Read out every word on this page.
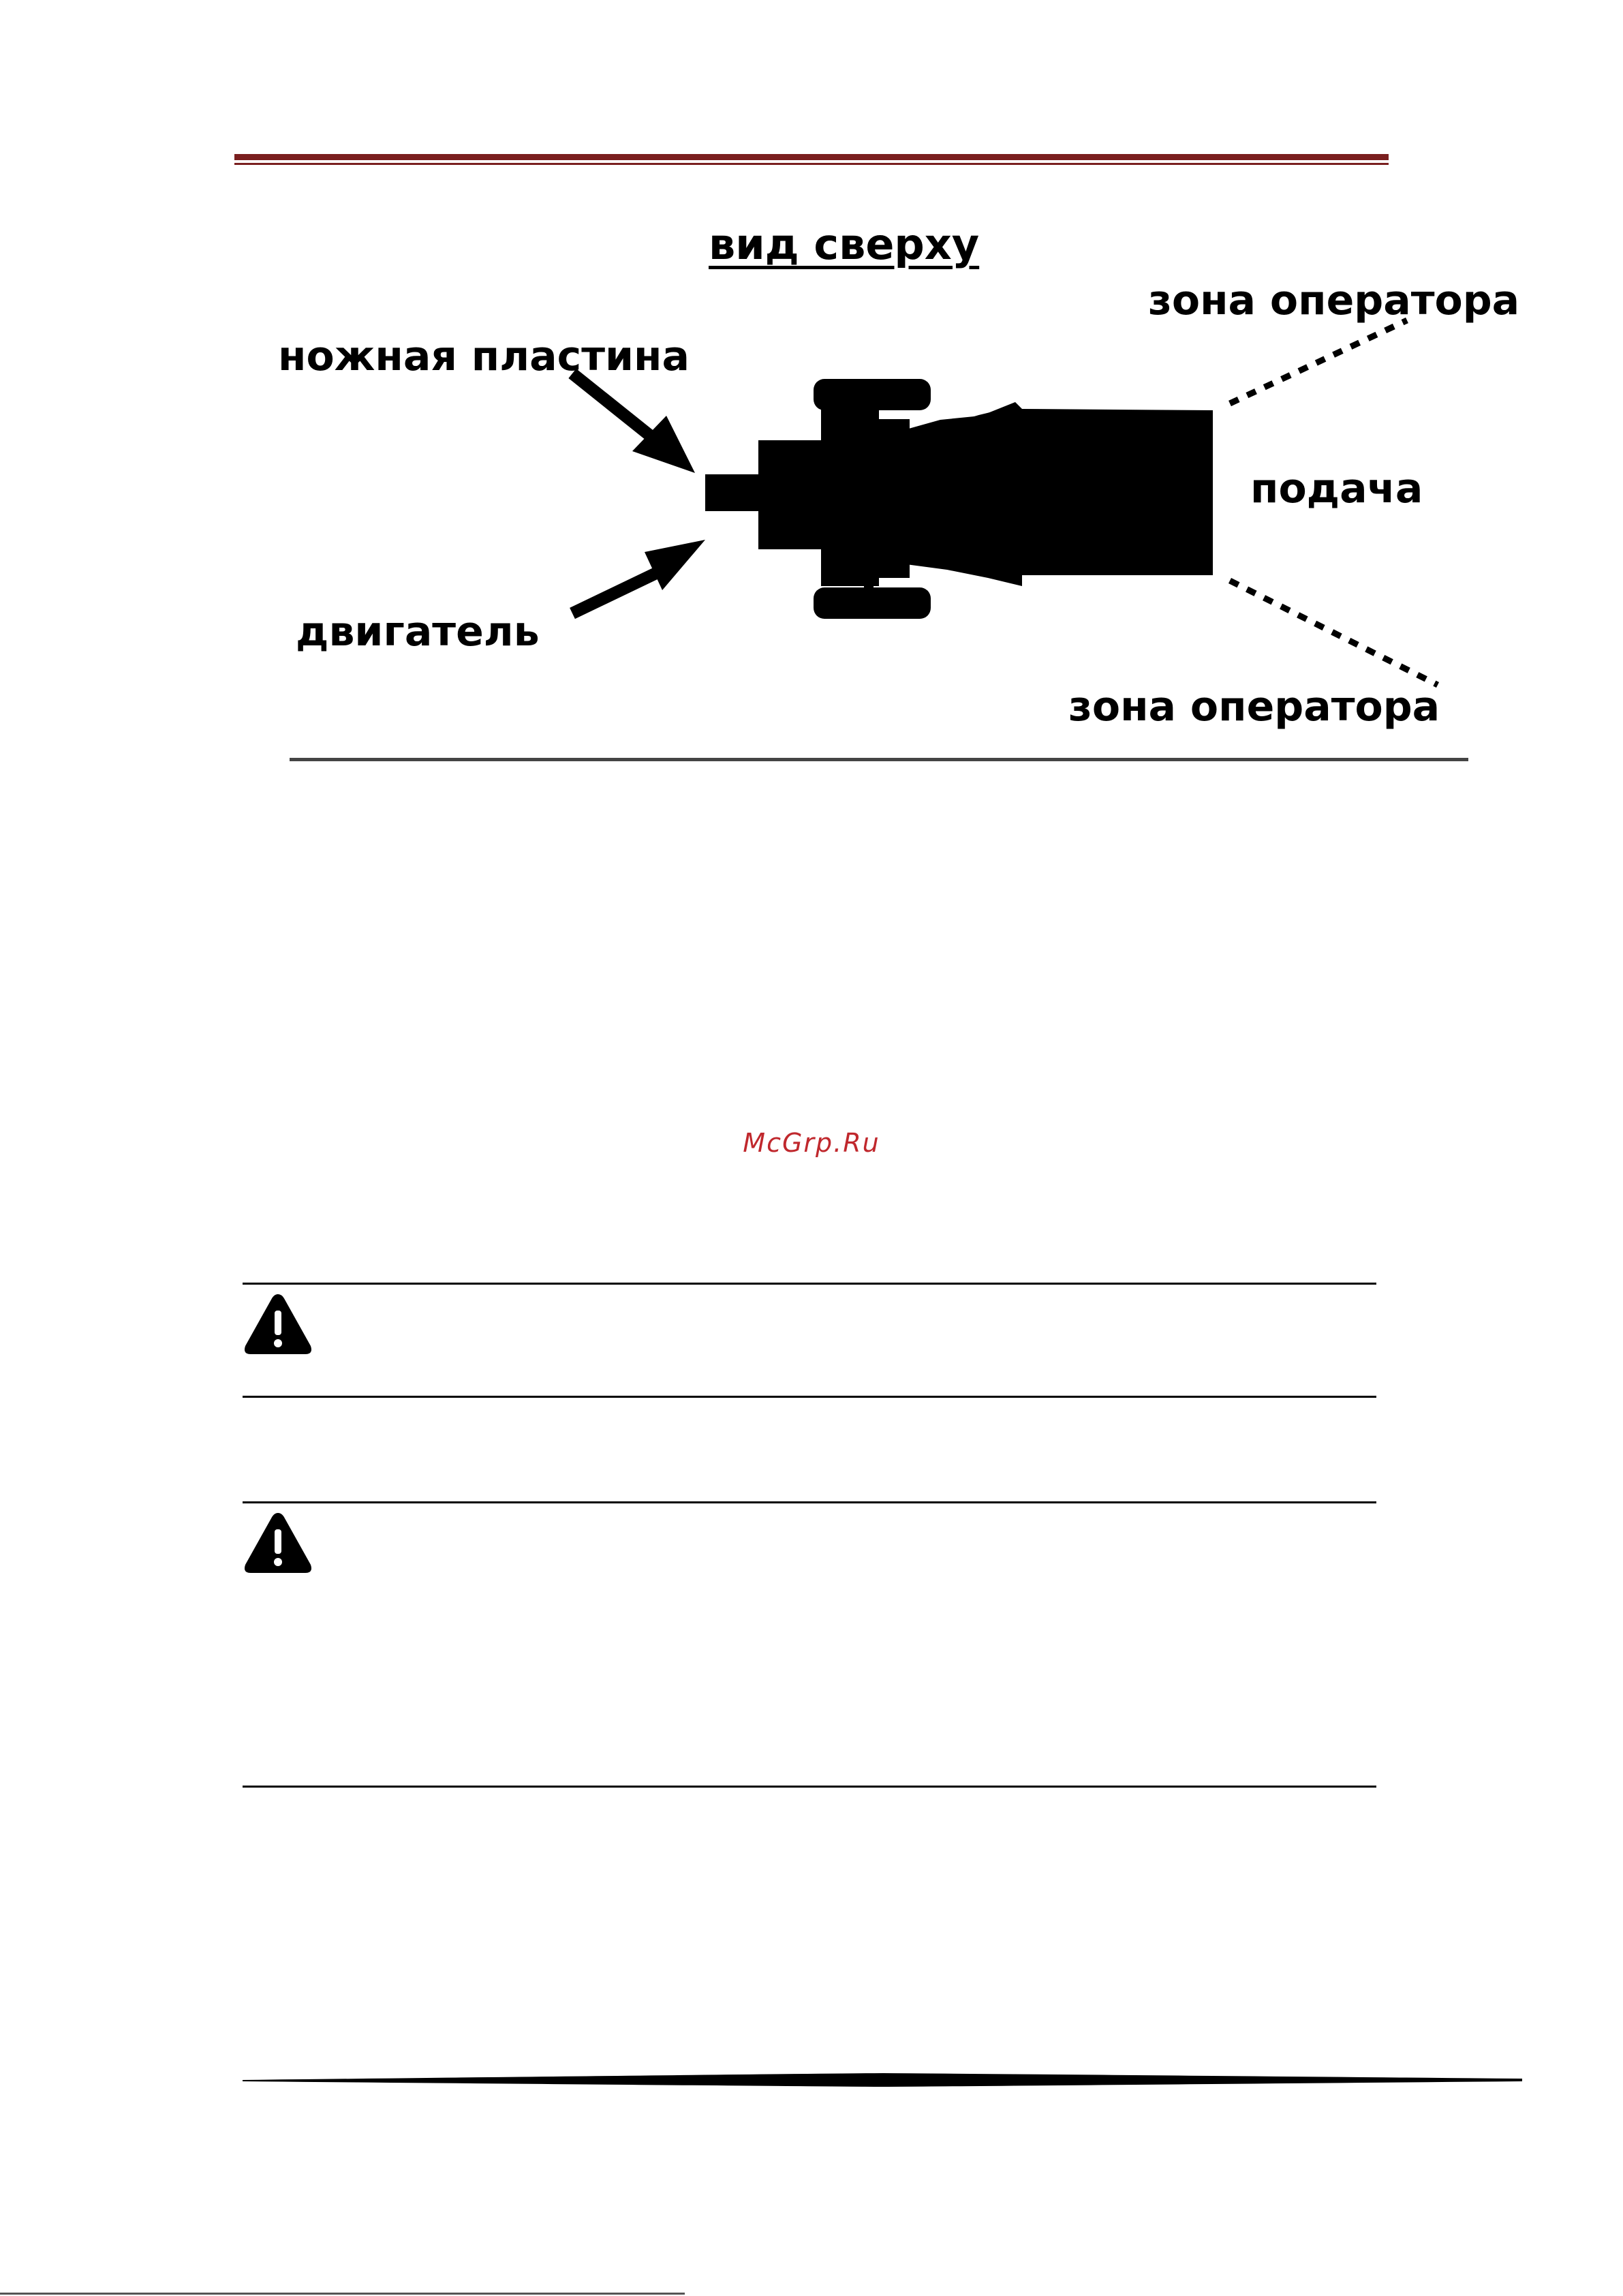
вид сверху
ножная пластина
двигатель
зона оператора
подача
зона оператора
McGrp.Ru
